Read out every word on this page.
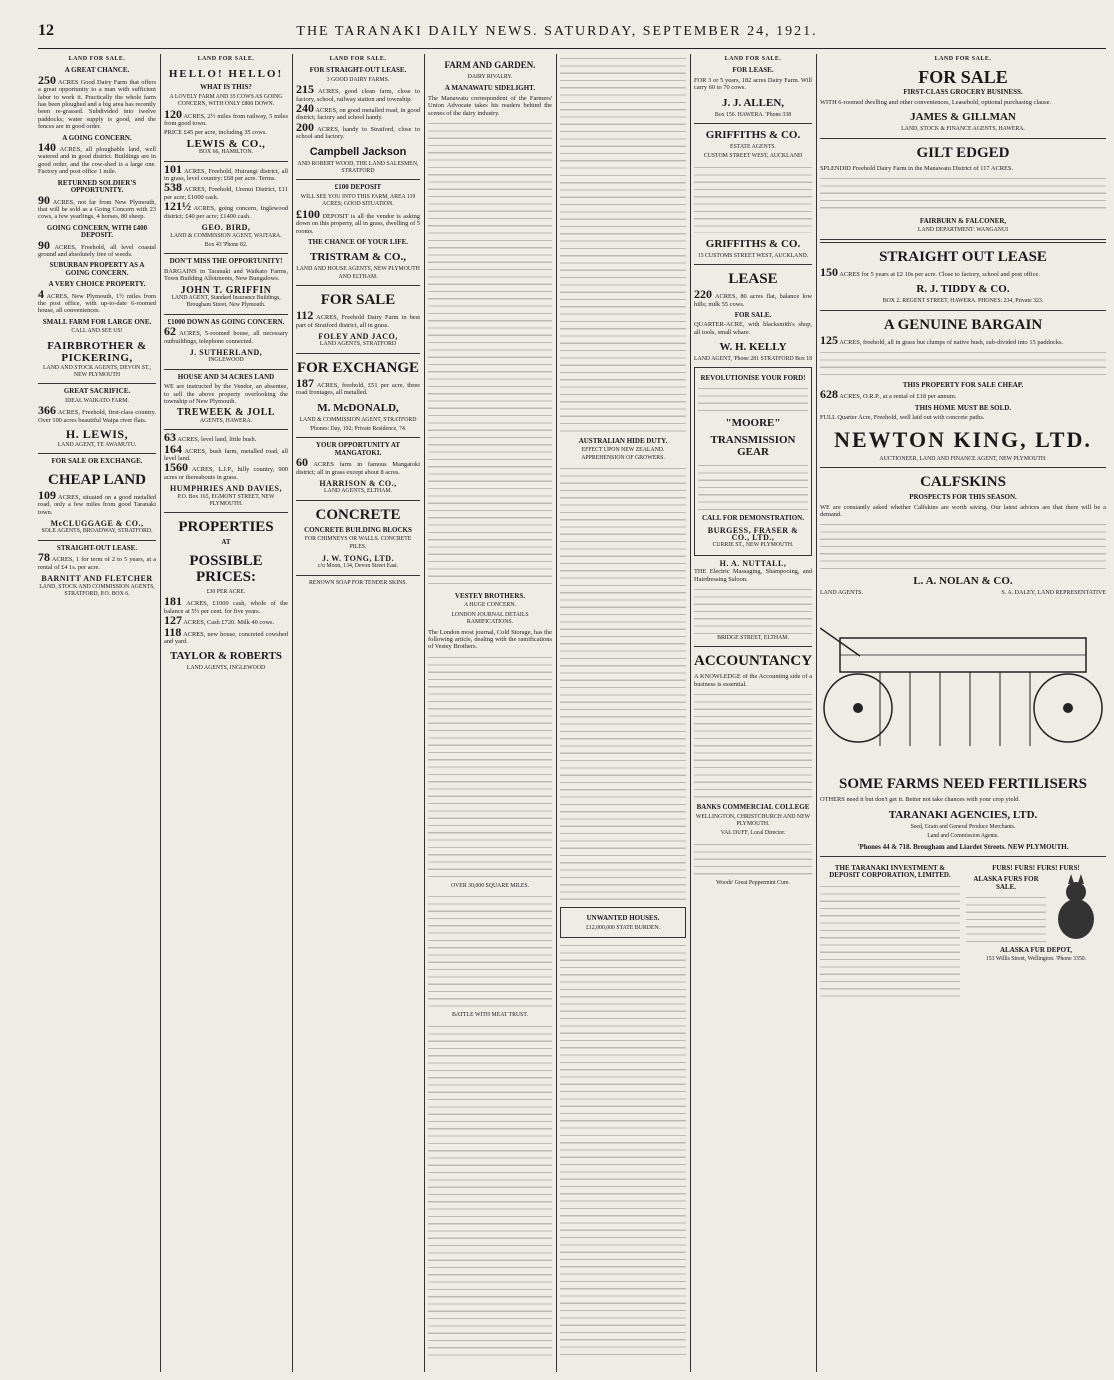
12	THE TARANAKI DAILY NEWS. SATURDAY, SEPTEMBER 24, 1921.
LAND FOR SALE.
A GREAT CHANCE.
250 ACRES Good Dairy Farm that offers a great opportunity to a man with sufficient labor to work it. Practically the whole farm has been ploughed and a big area has recently been re-grassed. Subdivided into twelve paddocks; water supply is good, and the fences are in good order.
A GOING CONCERN.
140 ACRES, all ploughable land, well watered and in good district. Buildings are in good order, and the cow-shed is a large one. Factory and post office 1 mile.
RETURNED SOLDIER'S OPPORTUNITY.
90 ACRES, not far from New Plymouth, that will be sold as a Going Concern with 23 cows, a few yearlings, 4 horses, 80 sheep.
GOING CONCERN, WITH £400 DEPOSIT.
90 ACRES, Freehold, all level coastal ground and absolutely free of weeds.
SUBURBAN PROPERTY AS A GOING CONCERN.
A VERY CHOICE PROPERTY.
4 ACRES, New Plymouth, 1½ miles from the post office, with up-to-date 6-roomed house, all conveniences.
SMALL FARM FOR LARGE ONE.
CALL AND SEE US!
FAIRBROTHER & PICKERING,
LAND AND STOCK AGENTS, DEVON ST., NEW PLYMOUTH
GREAT SACRIFICE.
IDEAL WAIKATO FARM.
366 ACRES, Freehold, first-class country. Over 100 acres beautiful Waipa river flats.
H. LEWIS,
LAND AGENT, TE AWAMUTU.
FOR SALE OR EXCHANGE.
CHEAP LAND
109 ACRES, situated on a good metalled road, only a few miles from good Taranaki town.
McCLUGGAGE & CO.,
SOLE AGENTS, BROADWAY, STRATFORD.
STRAIGHT-OUT LEASE.
78 ACRES, 1 for term of 2 to 5 years, at a rental of £4 1s. per acre.
BARNITT AND FLETCHER
LAND, STOCK AND COMMISSION AGENTS, STRATFORD, P.O. BOX 6.
LAND FOR SALE.
HELLO! HELLO!
WHAT IS THIS?
A LOVELY FARM AND 35 COWS AS GOING CONCERN, WITH ONLY £800 DOWN.
120 ACRES, 2½ miles from railway, 5 miles from good town.
PRICE £45 per acre, including 35 cows.
LEWIS & CO.,
BOX 66, HAMILTON.
101 ACRES, Freehold, Huirangi district, all in grass, level country; £68 per acre. Terms.
538 ACRES, Freehold, Urenui District, £11 per acre; £1000 cash.
121½ ACRES, going concern, Inglewood district; £40 per acre; £1400 cash.
GEO. BIRD,
LAND & COMMISSION AGENT, WAITARA.
Box 43 'Phone 82.
DON'T MISS THE OPPORTUNITY!
BARGAINS in Taranaki and Waikato Farms, Town Building Allotments, New Bungalows.
JOHN T. GRIFFIN
LAND AGENT, Standard Insurance Buildings, Brougham Street, New Plymouth.
£1000 DOWN AS GOING CONCERN.
62 ACRES, 5-roomed house, all necessary outbuildings, telephone connected.
J. SUTHERLAND,
INGLEWOOD
HOUSE AND 34 ACRES LAND
WE are instructed by the Vendor, an absentee, to sell the above property overlooking the township of New Plymouth.
TREWEEK & JOLL
AGENTS, HAWERA.
63 ACRES, level land, little bush.
164 ACRES, bush farm, metalled road, all level land.
1560 ACRES, L.I.P., hilly country, 900 acres or thereabouts in grass.
HUMPHRIES AND DAVIES,
P.O. Box 165, EGMONT STREET, NEW PLYMOUTH.
PROPERTIES
AT
POSSIBLE PRICES:
£30 PER ACRE.
181 ACRES, £1000 cash, whole of the balance at 5½ per cent. for five years.
127 ACRES, Cash £720. Milk 40 cows.
118 ACRES, new house, concreted cowshed and yard.
TAYLOR & ROBERTS
LAND AGENTS, INGLEWOOD
LAND FOR SALE.
FOR STRAIGHT-OUT LEASE.
3 GOOD DAIRY FARMS.
215 ACRES, good clean farm, close to factory, school, railway station and township.
240 ACRES, on good metalled road, in good district; factory and school handy.
200 ACRES, handy to Stratford, close to school and factory.
Campbell Jackson
AND ROBERT WOOD, THE LAND SALESMEN, STRATFORD
£100 DEPOSIT
WILL SEE YOU INTO THIS FARM, AREA 119 ACRES; GOOD SITUATION.
£100 DEPOSIT is all the vendor is asking down on this property, all in grass, dwelling of 5 rooms.
THE CHANCE OF YOUR LIFE.
TRISTRAM & CO.,
LAND AND HOUSE AGENTS, NEW PLYMOUTH AND ELTHAM.
FOR SALE
112 ACRES, Freehold Dairy Farm in best part of Stratford district, all in grass.
FOLEY AND JACO,
LAND AGENTS, STRATFORD
FOR EXCHANGE
187 ACRES, freehold, £51 per acre, three road frontages, all metalled.
M. McDONALD,
LAND & COMMISSION AGENT, STRATFORD
'Phones: Day, 192; Private Residence, 74.
YOUR OPPORTUNITY AT MANGATOKI.
60 ACRES farm in famous Mangatoki district; all in grass except about 8 acres.
HARRISON & CO.,
LAND AGENTS, ELTHAM.
CONCRETE
CONCRETE BUILDING BLOCKS
FOR CHIMNEYS OR WALLS. CONCRETE PILES.
J. W. TONG, LTD.
c/o Moon, 134, Devon Street East.
RENOWN SOAP FOR TENDER SKINS.
FARM AND GARDEN.
DAIRY RIVALRY.
A MANAWATU SIDELIGHT.
The Manawatu correspondent of the Farmers' Union Advocate takes his readers behind the scenes of the dairy industry.
VESTEY BROTHERS.
A HUGE CONCERN.
LONDON JOURNAL DETAILS RAMIFICATIONS.
The London most journal, Cold Storage, has the following article, dealing with the ramifications of Vestey Brothers.
OVER 30,000 SQUARE MILES.
BATTLE WITH MEAT TRUST.
AUSTRALIAN HIDE DUTY.
EFFECT UPON NEW ZEALAND. APPREHENSION OF GROWERS.
UNWANTED HOUSES.
£12,000,000 STATE BURDEN.
LAND FOR SALE.
FOR LEASE.
FOR 3 or 5 years, 182 acres Dairy Farm. Will carry 60 to 70 cows.
J. J. ALLEN,
Box 156. HAWERA. 'Phone 338
GRIFFITHS & CO.
ESTATE AGENTS.
CUSTOM STREET WEST, AUCKLAND
GRIFFITHS & CO.
15 CUSTOMS STREET WEST, AUCKLAND.
LEASE
220 ACRES, 80 acres flat, balance low hills; milk 55 cows.
FOR SALE.
QUARTER-ACRE, with blacksmith's shop, all tools, small whare.
W. H. KELLY
LAND AGENT, 'Phone 281 STRATFORD Box 18
REVOLUTIONISE YOUR FORD!
"MOORE"
TRANSMISSION GEAR
CALL FOR DEMONSTRATION.
BURGESS, FRASER & CO., LTD.,
CURRIE ST., NEW PLYMOUTH.
H. A. NUTTALL,
THE Electric Massaging, Shampooing, and Hairdressing Saloon.
BRIDGE STREET, ELTHAM.
ACCOUNTANCY
A KNOWLEDGE of the Accounting side of a business is essential.
BANKS COMMERCIAL COLLEGE
WELLINGTON, CHRISTCHURCH AND NEW PLYMOUTH.
VAL DUFF, Local Director.
Woods' Great Peppermint Cure.
LAND FOR SALE.
FOR SALE
FIRST-CLASS GROCERY BUSINESS.
WITH 6-roomed dwelling and other conveniences, Leasehold, optional purchasing clause.
JAMES & GILLMAN
LAND, STOCK & FINANCE AGENTS, HAWERA.
GILT EDGED
SPLENDID Freehold Dairy Farm in the Manawatu District of 117 ACRES.
FAIRBURN & FALCONER,
LAND DEPARTMENT: WANGANUI
STRAIGHT OUT LEASE
150 ACRES for 5 years at £2 10s per acre. Close to factory, school and post office.
R. J. TIDDY & CO.
BOX 2. REGENT STREET, HAWERA. PHONES: 234, Private 323.
A GENUINE BARGAIN
125 ACRES, freehold, all in grass but clumps of native bush, sub-divided into 15 paddocks.
THIS PROPERTY FOR SALE CHEAP.
628 ACRES, O.R.P., at a rental of £18 per annum.
THIS HOME MUST BE SOLD.
FULL Quarter Acre, Freehold, well laid out with concrete paths.
NEWTON KING, LTD.
AUCTIONEER, LAND AND FINANCE AGENT, NEW PLYMOUTH.
CALFSKINS
PROSPECTS FOR THIS SEASON.
WE are constantly asked whether Calfskins are worth saving. Our latest advices are that there will be a demand.
L. A. NOLAN & CO.
LAND AGENTS.	S. A. DALEY, LAND REPRESENTATIVE
SOME FARMS NEED FERTILISERS
OTHERS need it but don't get it. Better not take chances with your crop yield.
TARANAKI AGENCIES, LTD.
Seed, Grain and General Produce Merchants.
Land and Commission Agents.
'Phones 44 & 718. Brougham and Liardet Streets. NEW PLYMOUTH.
THE TARANAKI INVESTMENT & DEPOSIT CORPORATION, LIMITED.
FURS! FURS! FURS! FURS!
ALASKA FURS FOR SALE.
ALASKA FUR DEPOT,
153 Willis Street, Wellington. 'Phone 3350.
